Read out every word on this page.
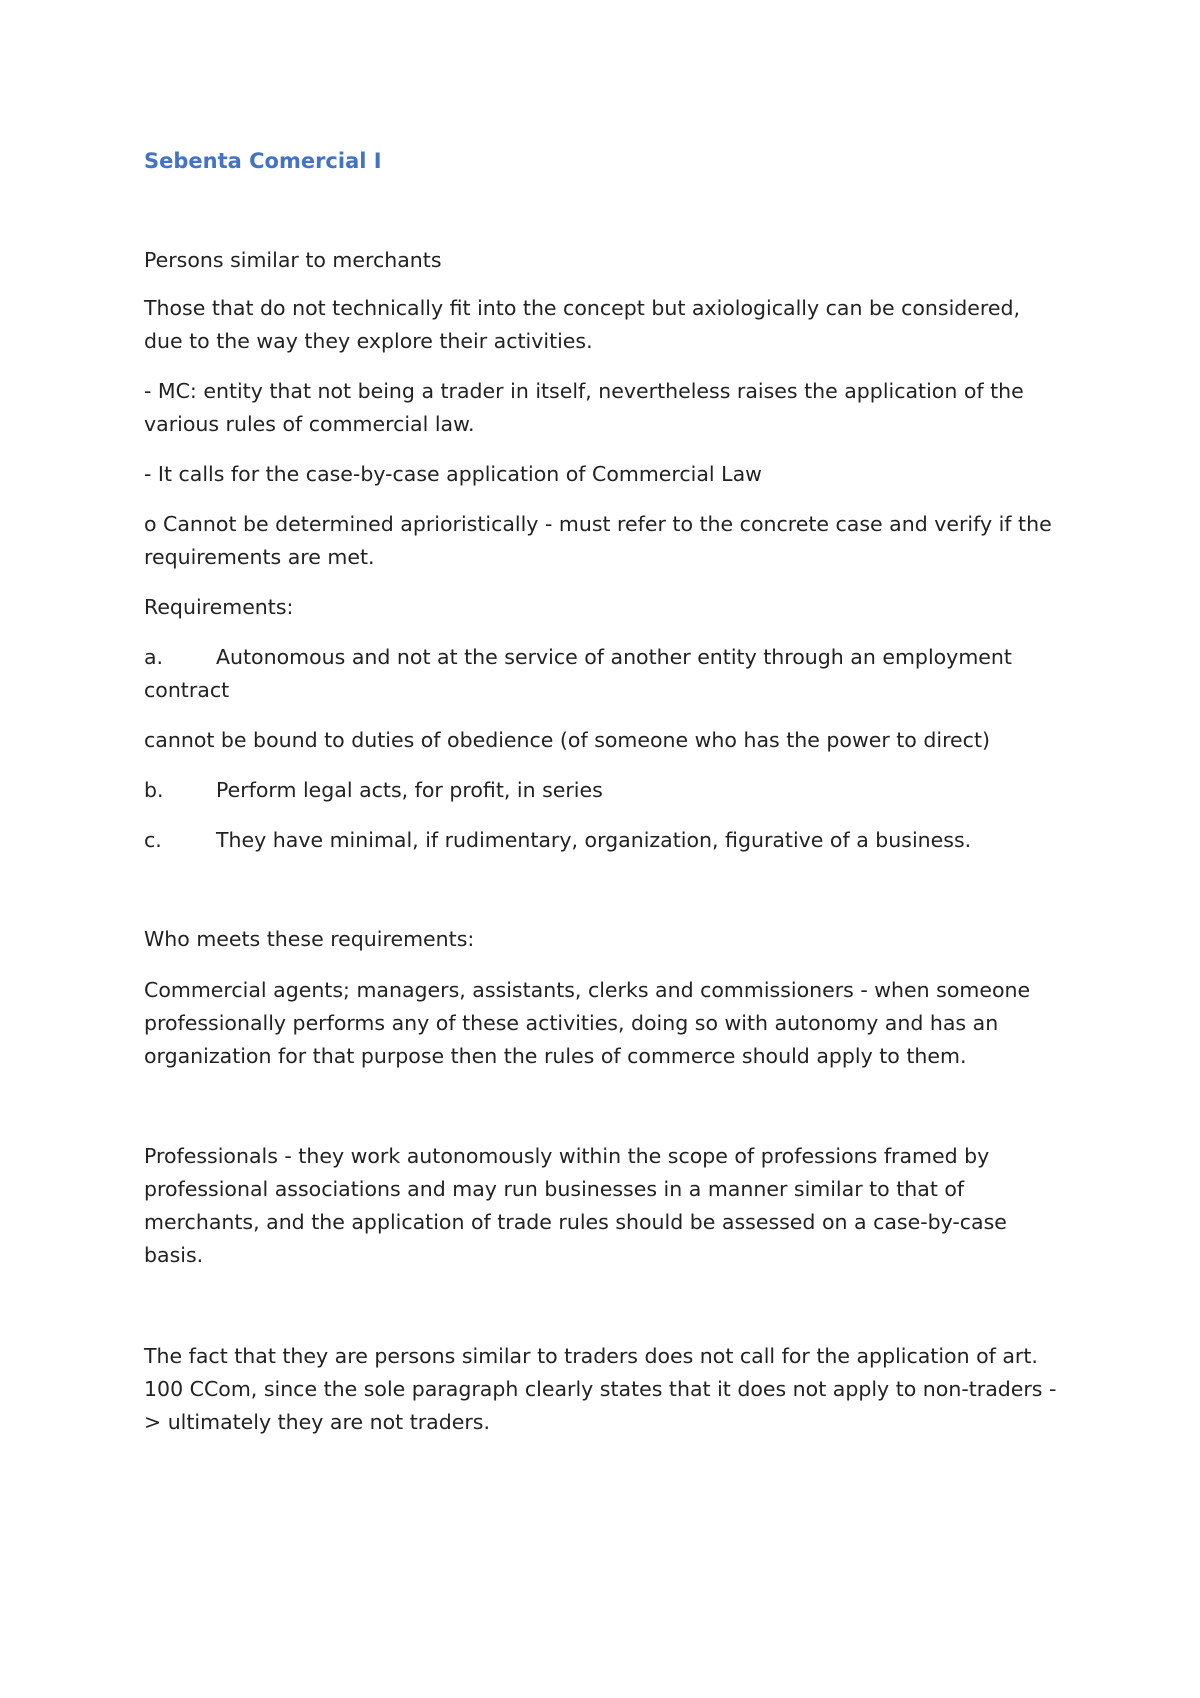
Sebenta Comercial I

Persons similar to merchants

Those that do not technically fit into the concept but axiologically can be considered, due to the way they explore their activities.

- MC: entity that not being a trader in itself, nevertheless raises the application of the various rules of commercial law.

- It calls for the case-by-case application of Commercial Law

o Cannot be determined aprioristically - must refer to the concrete case and verify if the requirements are met.

Requirements:

a.	Autonomous and not at the service of another entity through an employment contract

cannot be bound to duties of obedience (of someone who has the power to direct)

b.	Perform legal acts, for profit, in series

c.	They have minimal, if rudimentary, organization, figurative of a business.

Who meets these requirements:

Commercial agents; managers, assistants, clerks and commissioners - when someone professionally performs any of these activities, doing so with autonomy and has an organization for that purpose then the rules of commerce should apply to them.

Professionals - they work autonomously within the scope of professions framed by professional associations and may run businesses in a manner similar to that of merchants, and the application of trade rules should be assessed on a case-by-case basis.

The fact that they are persons similar to traders does not call for the application of art. 100 CCom, since the sole paragraph clearly states that it does not apply to non-traders -> ultimately they are not traders.
